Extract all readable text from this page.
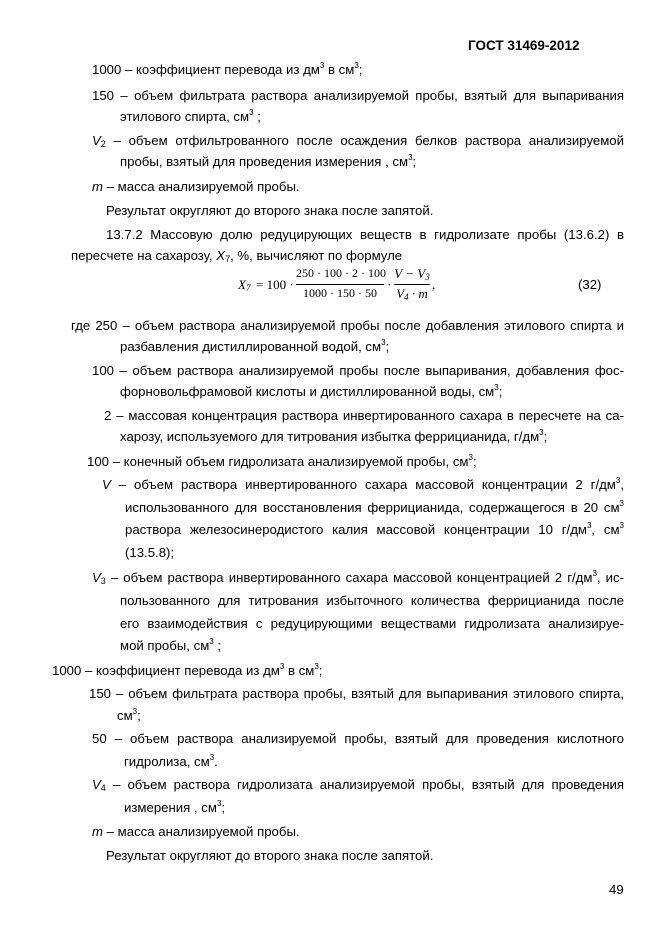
ГОСТ 31469-2012
1000 – коэффициент перевода из $дм^3$ в $см^3$;
150 – объем фильтрата раствора анализируемой пробы, взятый для выпаривания
этилового спирта, $см^3$ ;
$V_2$ – объем отфильтрованного после осаждения белков раствора анализируемой
пробы, взятый для проведения измерения , $см^3$;
m – масса анализируемой пробы.
Результат округляют до второго знака после запятой.
13.7.2 Массовую долю редуцирующих веществ в гидролизате пробы (13.6.2) в
пересчете на сахарозу, $X_7$, %, вычисляют по формуле
$X_7 = 100$ ·
250 · 100 · 2 · 100
1000 · 150 · 50
·
$V - V_3$
$V_4 \cdot m$
,	(32)
где 250 – объем раствора анализируемой пробы после добавления этилового спирта и
разбавления дистиллированной водой, $см^3$;
100 – объем раствора анализируемой пробы после выпаривания, добавления фос-
форновольфрамовой кислоты и дистиллированной воды, $см^3$;
2 – массовая концентрация раствора инвертированного сахара в пересчете на са-
харозу, используемого для титрования избытка феррицианида, $г/дм^3$;
100 – конечный объем гидролизата анализируемой пробы, $см^3$;
V – объем раствора инвертированного сахара массовой концентрации 2 $г/дм^3$,
использованного для восстановления феррицианида, содержащегося в 20 $см^3$
раствора железосинеродистого калия массовой концентрации 10 $г/дм^3$, $см^3$
(13.5.8);
$V_3$ – объем раствора инвертированного сахара массовой концентрацией 2 $г/дм^3$, ис-
пользованного для титрования избыточного количества феррицианида после
его взаимодействия с редуцирующими веществами гидролизата анализируе-
мой пробы, $см^3$ ;
1000 – коэффициент перевода из $дм^3$ в $см^3$;
150 – объем фильтрата раствора пробы, взятый для выпаривания этилового спирта,
$см^3$;
50 – объем раствора анализируемой пробы, взятый для проведения кислотного
гидролиза, $см^3$.
$V_4$ – объем раствора гидролизата анализируемой пробы, взятый для проведения
измерения , $см^3$;
m – масса анализируемой пробы.
Результат округляют до второго знака после запятой.
49
